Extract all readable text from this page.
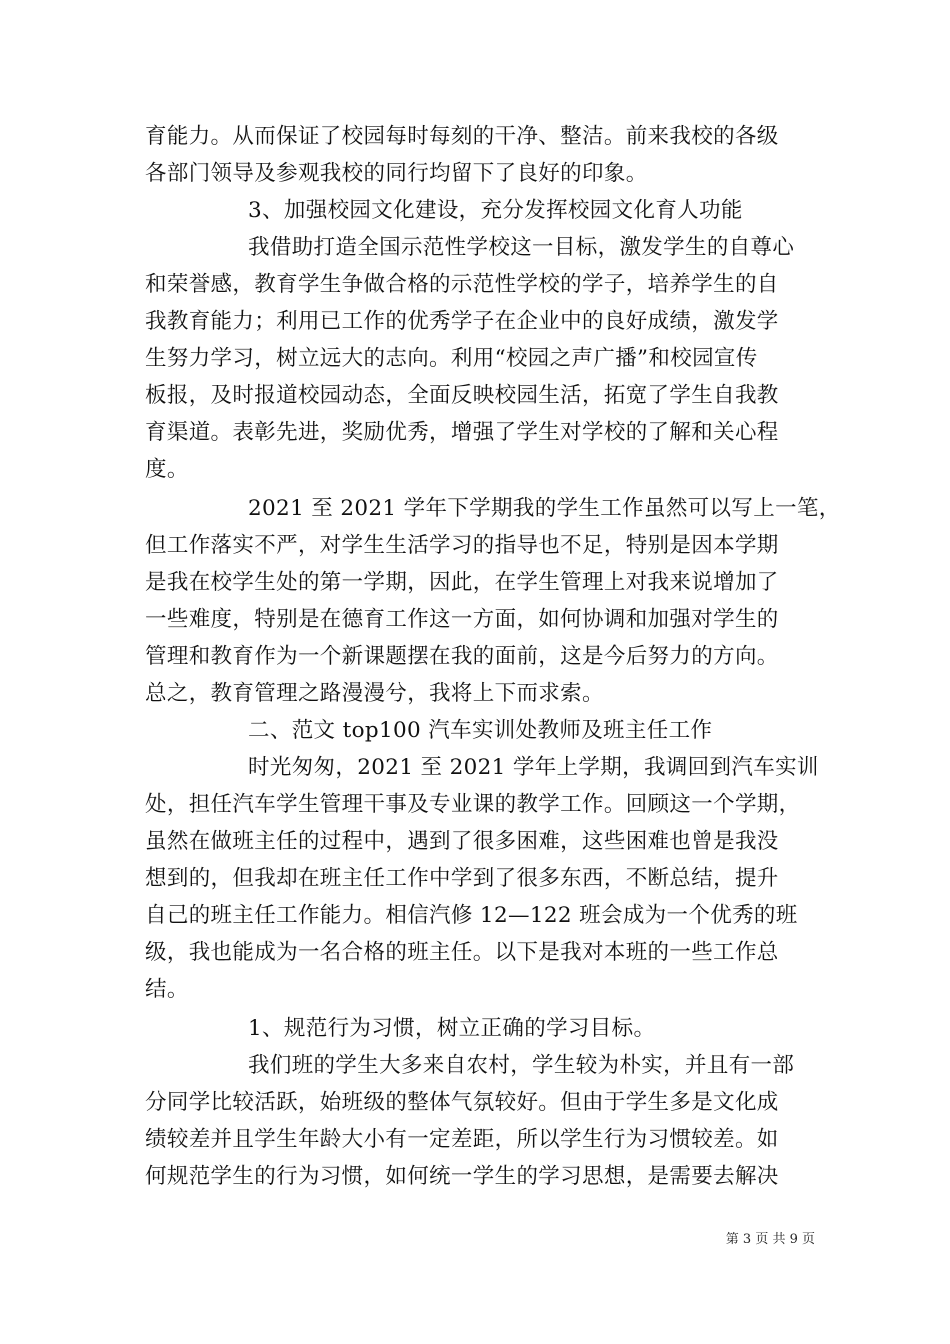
育能力。从而保证了校园每时每刻的干净、整洁。前来我校的各级
各部门领导及参观我校的同行均留下了良好的印象。
3、加强校园文化建设，充分发挥校园文化育人功能
我借助打造全国示范性学校这一目标，激发学生的自尊心
和荣誉感，教育学生争做合格的示范性学校的学子，培养学生的自
我教育能力；利用已工作的优秀学子在企业中的良好成绩，激发学
生努力学习，树立远大的志向。利用“校园之声广播”和校园宣传
板报，及时报道校园动态，全面反映校园生活，拓宽了学生自我教
育渠道。表彰先进，奖励优秀，增强了学生对学校的了解和关心程
度。
2021 至 2021 学年下学期我的学生工作虽然可以写上一笔，
但工作落实不严，对学生生活学习的指导也不足，特别是因本学期
是我在校学生处的第一学期，因此，在学生管理上对我来说增加了
一些难度，特别是在德育工作这一方面，如何协调和加强对学生的
管理和教育作为一个新课题摆在我的面前，这是今后努力的方向。
总之，教育管理之路漫漫兮，我将上下而求索。
二、范文 top100 汽车实训处教师及班主任工作
时光匆匆，2021 至 2021 学年上学期，我调回到汽车实训
处，担任汽车学生管理干事及专业课的教学工作。回顾这一个学期，
虽然在做班主任的过程中，遇到了很多困难，这些困难也曾是我没
想到的，但我却在班主任工作中学到了很多东西，不断总结，提升
自己的班主任工作能力。相信汽修 12—122 班会成为一个优秀的班
级，我也能成为一名合格的班主任。以下是我对本班的一些工作总
结。
1、规范行为习惯，树立正确的学习目标。
我们班的学生大多来自农村，学生较为朴实，并且有一部
分同学比较活跃，始班级的整体气氛较好。但由于学生多是文化成
绩较差并且学生年龄大小有一定差距，所以学生行为习惯较差。如
何规范学生的行为习惯，如何统一学生的学习思想，是需要去解决
第 3 页 共 9 页
